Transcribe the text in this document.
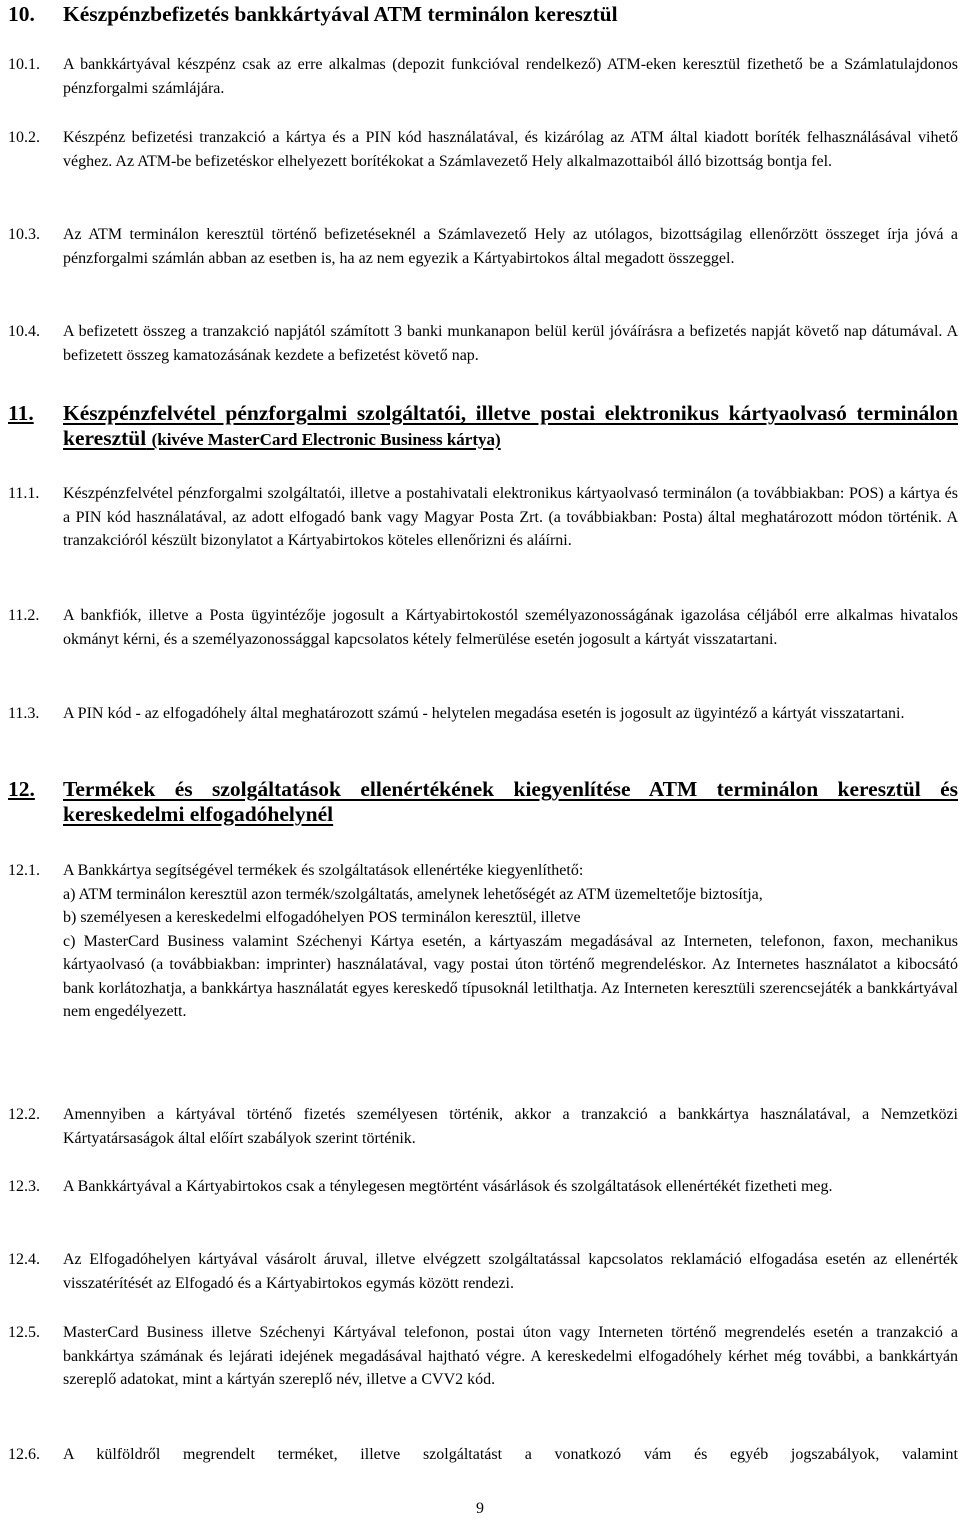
10. Készpénzbefizetés bankkártyával ATM terminálon keresztül
10.1. A bankkártyával készpénz csak az erre alkalmas (depozit funkcióval rendelkező) ATM-eken keresztül fizethető be a Számlatulajdonos pénzforgalmi számlájára.
10.2. Készpénz befizetési tranzakció a kártya és a PIN kód használatával, és kizárólag az ATM által kiadott boríték felhasználásával vihető véghez. Az ATM-be befizetéskor elhelyezett borítékokat a Számlavezető Hely alkalmazottaiból álló bizottság bontja fel.
10.3. Az ATM terminálon keresztül történő befizetéseknél a Számlavezető Hely az utólagos, bizottságilag ellenőrzött összeget írja jóvá a pénzforgalmi számlán abban az esetben is, ha az nem egyezik a Kártyabirtokos által megadott összeggel.
10.4. A befizetett összeg a tranzakció napjától számított 3 banki munkanapon belül kerül jóváírásra a befizetés napját követő nap dátumával. A befizetett összeg kamatozásának kezdete a befizetést követő nap.
11. Készpénzfelvétel pénzforgalmi szolgáltatói, illetve postai elektronikus kártyaolvasó terminálon keresztül (kivéve MasterCard Electronic Business kártya)
11.1. Készpénzfelvétel pénzforgalmi szolgáltatói, illetve a postahivatali elektronikus kártyaolvasó terminálon (a továbbiakban: POS) a kártya és a PIN kód használatával, az adott elfogadó bank vagy Magyar Posta Zrt. (a továbbiakban: Posta) által meghatározott módon történik. A tranzakcióról készült bizonylatot a Kártyabirtokos köteles ellenőrizni és aláírni.
11.2. A bankfiók, illetve a Posta ügyintézője jogosult a Kártyabirtokostól személyazonosságának igazolása céljából erre alkalmas hivatalos okmányt kérni, és a személyazonossággal kapcsolatos kétely felmerülése esetén jogosult a kártyát visszatartani.
11.3. A PIN kód - az elfogadóhely által meghatározott számú - helytelen megadása esetén is jogosult az ügyintéző a kártyát visszatartani.
12. Termékek és szolgáltatások ellenértékének kiegyenlítése ATM terminálon keresztül és kereskedelmi elfogadóhelynél
12.1. A Bankkártya segítségével termékek és szolgáltatások ellenértéke kiegyenlíthető:
a) ATM terminálon keresztül azon termék/szolgáltatás, amelynek lehetőségét az ATM üzemeltetője biztosítja,
b) személyesen a kereskedelmi elfogadóhelyen POS terminálon keresztül, illetve
c) MasterCard Business valamint Széchenyi Kártya esetén, a kártyaszám megadásával az Interneten, telefonon, faxon, mechanikus kártyaolvasó (a továbbiakban: imprinter) használatával, vagy postai úton történő megrendeléskor. Az Internetes használatot a kibocsátó bank korlátozhatja, a bankkártya használatát egyes kereskedő típusoknál letilthatja. Az Interneten keresztüli szerencsejáték a bankkártyával nem engedélyezett.
12.2. Amennyiben a kártyával történő fizetés személyesen történik, akkor a tranzakció a bankkártya használatával, a Nemzetközi Kártyatársaságok által előírt szabályok szerint történik.
12.3. A Bankkártyával a Kártyabirtokos csak a ténylegesen megtörtént vásárlások és szolgáltatások ellenértékét fizetheti meg.
12.4. Az Elfogadóhelyen kártyával vásárolt áruval, illetve elvégzett szolgáltatással kapcsolatos reklamáció elfogadása esetén az ellenérték visszatérítését az Elfogadó és a Kártyabirtokos egymás között rendezi.
12.5. MasterCard Business illetve Széchenyi Kártyával telefonon, postai úton vagy Interneten történő megrendelés esetén a tranzakció a bankkártya számának és lejárati idejének megadásával hajtható végre. A kereskedelmi elfogadóhely kérhet még további, a bankkártyán szereplő adatokat, mint a kártyán szereplő név, illetve a CVV2 kód.
12.6. A külföldről megrendelt terméket, illetve szolgáltatást a vonatkozó vám és egyéb jogszabályok, valamint
9
